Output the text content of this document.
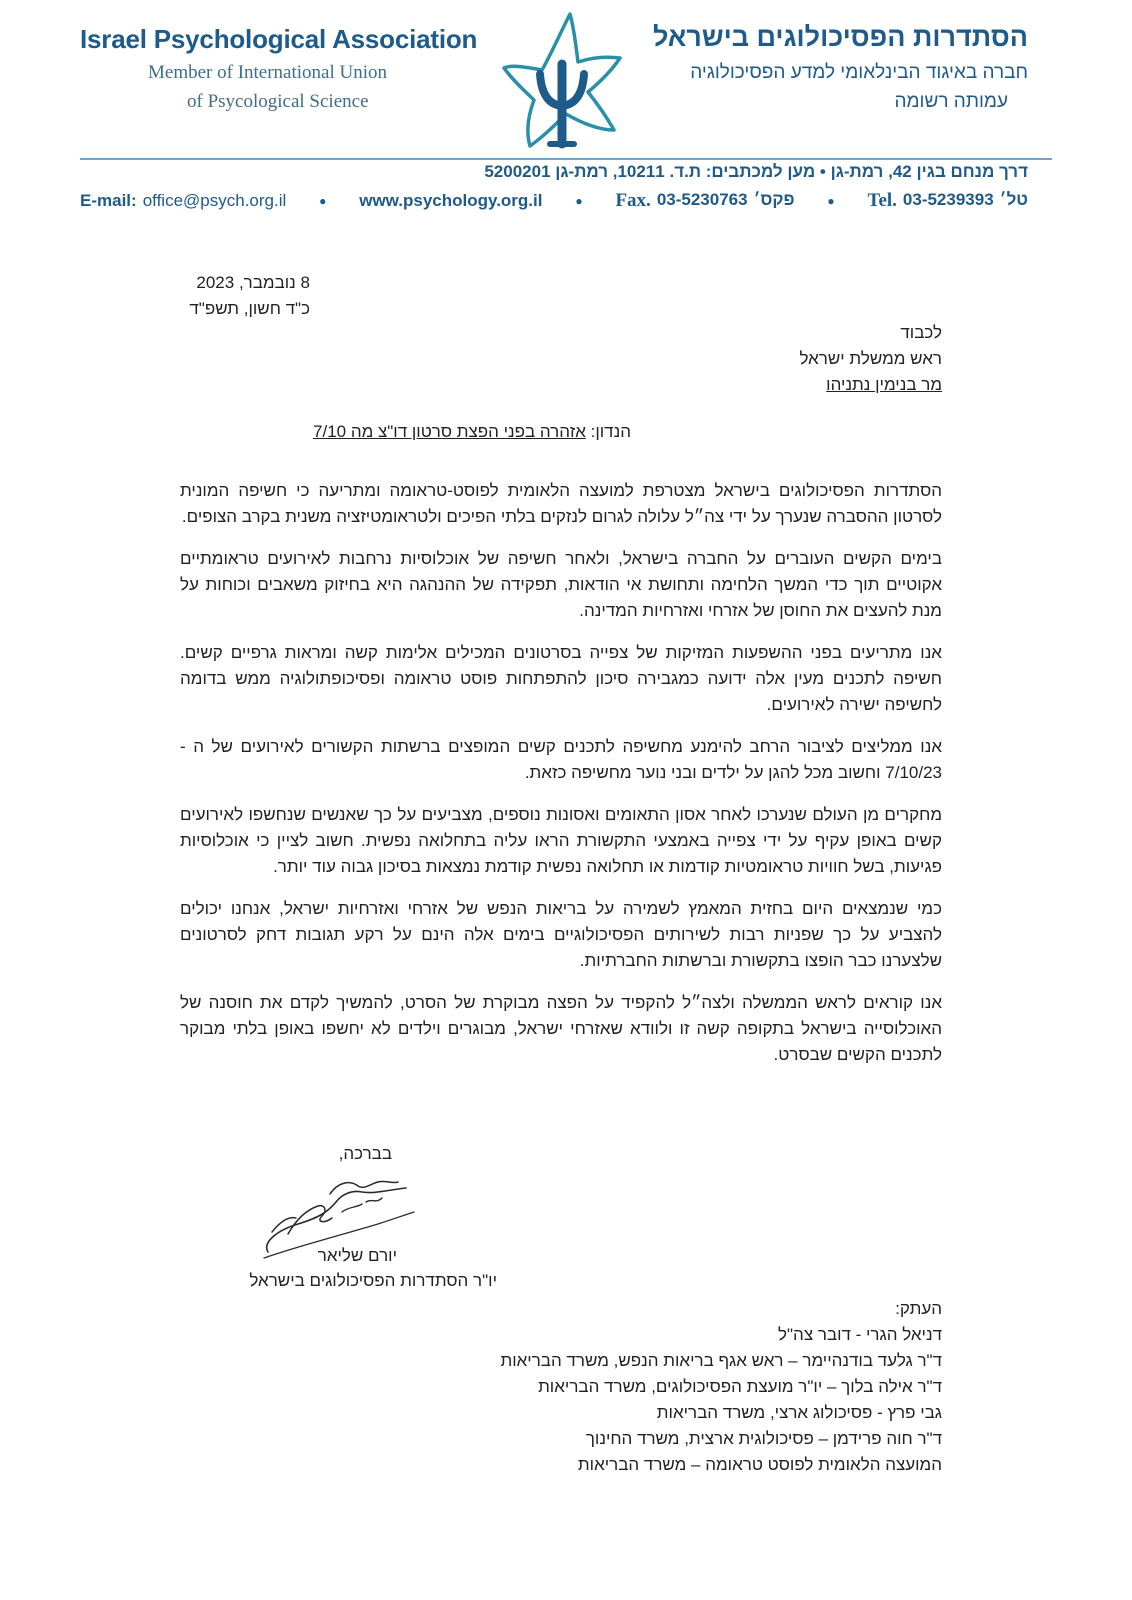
Israel Psychological Association
Member of International Union
of Psycological Science
הסתדרות הפסיכולוגים בישראל
חברה באיגוד הבינלאומי למדע הפסיכולוגיה
עמותה רשומה
דרך מנחם בגין 42, רמת-גן • מען למכתבים: ת.ד. 10211, רמת-גן 5200201
Tel. 03-5239393 טל׳
●
Fax. 03-5230763 פקס׳
●
www.psychology.org.il
●
E-mail: office@psych.org.il
8 נובמבר, 2023
כ"ד חשון, תשפ"ד
לכבוד
ראש ממשלת ישראל
מר בנימין נתניהו
הנדון: אזהרה בפני הפצת סרטון דו"צ מה 7/10

הסתדרות הפסיכולוגים בישראל מצטרפת למועצה הלאומית לפוסט-טראומה ומתריעה כי חשיפה המונית לסרטון ההסברה שנערך על ידי צה״ל עלולה לגרום לנזקים בלתי הפיכים ולטראומטיזציה משנית בקרב הצופים.

בימים הקשים העוברים על החברה בישראל, ולאחר חשיפה של אוכלוסיות נרחבות לאירועים טראומתיים אקוטיים תוך כדי המשך הלחימה ותחושת אי הודאות, תפקידה של ההנהגה היא בחיזוק משאבים וכוחות על מנת להעצים את החוסן של אזרחי ואזרחיות המדינה.

אנו מתריעים בפני ההשפעות המזיקות של צפייה בסרטונים המכילים אלימות קשה ומראות גרפיים קשים. חשיפה לתכנים מעין אלה ידועה כמגבירה סיכון להתפתחות פוסט טראומה ופסיכופתולוגיה ממש בדומה לחשיפה ישירה לאירועים.

אנו ממליצים לציבור הרחב להימנע מחשיפה לתכנים קשים המופצים ברשתות הקשורים לאירועים של ה - 7/10/23 וחשוב מכל להגן על ילדים ובני נוער מחשיפה כזאת.

מחקרים מן העולם שנערכו לאחר אסון התאומים ואסונות נוספים, מצביעים על כך שאנשים שנחשפו לאירועים קשים באופן עקיף על ידי צפייה באמצעי התקשורת הראו עליה בתחלואה נפשית. חשוב לציין כי אוכלוסיות פגיעות, בשל חוויות טראומטיות קודמות או תחלואה נפשית קודמת נמצאות בסיכון גבוה עוד יותר.

כמי שנמצאים היום בחזית המאמץ לשמירה על בריאות הנפש של אזרחי ואזרחיות ישראל, אנחנו יכולים להצביע על כך שפניות רבות לשירותים הפסיכולוגיים בימים אלה הינם על רקע תגובות דחק לסרטונים שלצערנו כבר הופצו בתקשורת וברשתות החברתיות.

אנו קוראים לראש הממשלה ולצה״ל להקפיד על הפצה מבוקרת של הסרט, להמשיך לקדם את חוסנה של האוכלוסייה בישראל בתקופה קשה זו ולוודא שאזרחי ישראל, מבוגרים וילדים לא יחשפו באופן בלתי מבוקר לתכנים הקשים שבסרט.

בברכה,
יורם שליאר
יו"ר הסתדרות הפסיכולוגים בישראל
העתק:
דניאל הגרי - דובר צה"ל
ד"ר גלעד בודנהיימר – ראש אגף בריאות הנפש, משרד הבריאות
ד"ר אילה בלוך – יו"ר מועצת הפסיכולוגים, משרד הבריאות
גבי פרץ - פסיכולוג ארצי, משרד הבריאות
ד"ר חוה פרידמן – פסיכולוגית ארצית, משרד החינוך
המועצה הלאומית לפוסט טראומה – משרד הבריאות
